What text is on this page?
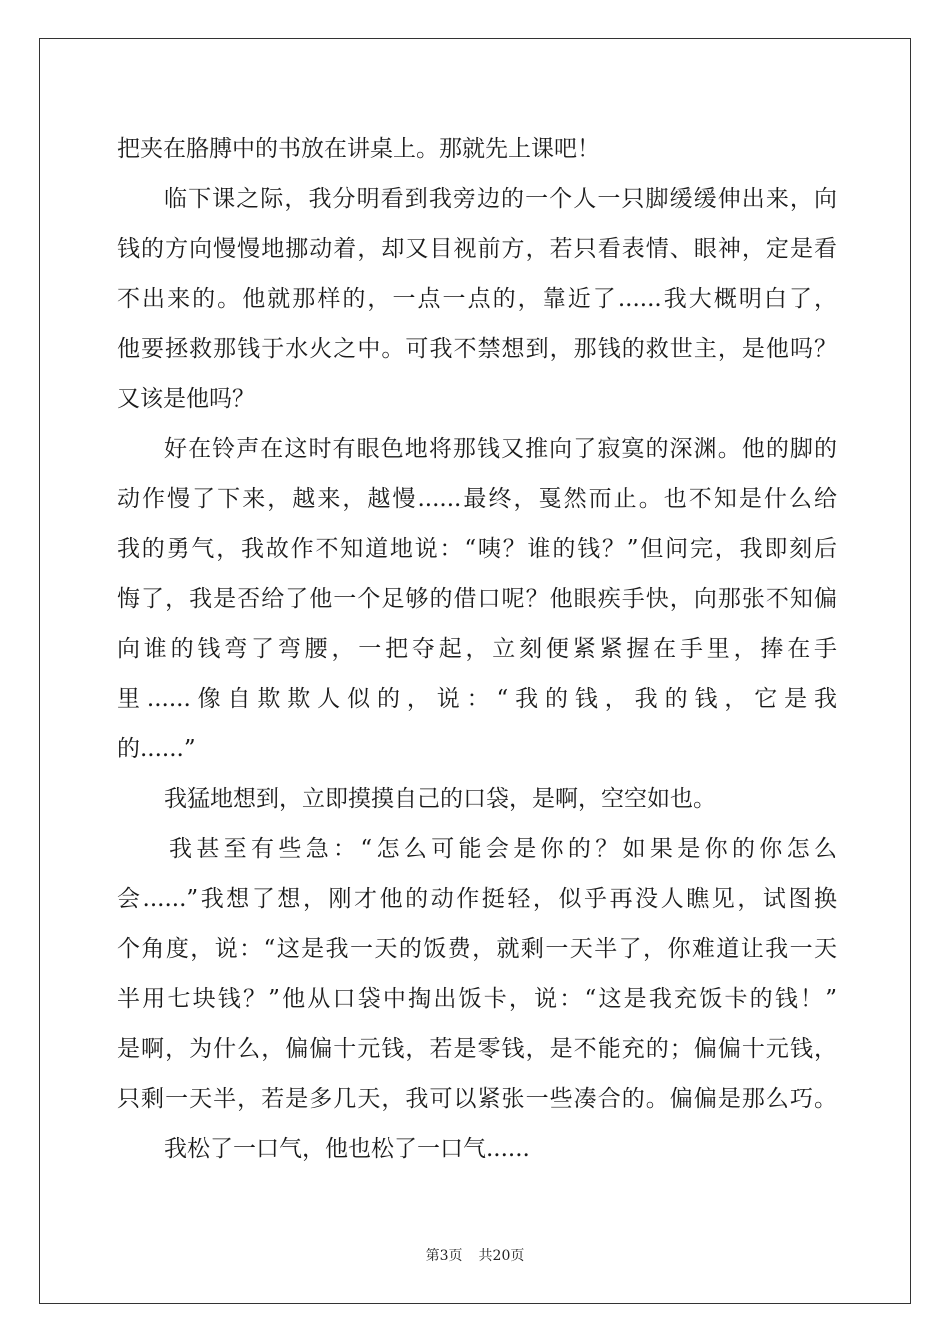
把夹在胳膊中的书放在讲桌上。那就先上课吧！
临下课之际，我分明看到我旁边的一个人一只脚缓缓伸出来，向
钱的方向慢慢地挪动着，却又目视前方，若只看表情、眼神，定是看
不出来的。他就那样的，一点一点的，靠近了......我大概明白了，
他要拯救那钱于水火之中。可我不禁想到，那钱的救世主，是他吗？
又该是他吗？
好在铃声在这时有眼色地将那钱又推向了寂寞的深渊。他的脚的
动作慢了下来，越来，越慢......最终，戛然而止。也不知是什么给
我的勇气，我故作不知道地说：“咦？谁的钱？”但问完，我即刻后
悔了，我是否给了他一个足够的借口呢？他眼疾手快，向那张不知偏
向谁的钱弯了弯腰，一把夺起，立刻便紧紧握在手里，捧在手
里......像自欺欺人似的，说：“我的钱，我的钱，它是我
的......”
我猛地想到，立即摸摸自己的口袋，是啊，空空如也。
我甚至有些急：“怎么可能会是你的？如果是你的你怎么
会......”我想了想，刚才他的动作挺轻，似乎再没人瞧见，试图换
个角度，说：“这是我一天的饭费，就剩一天半了，你难道让我一天
半用七块钱？”他从口袋中掏出饭卡，说：“这是我充饭卡的钱！”
是啊，为什么，偏偏十元钱，若是零钱，是不能充的；偏偏十元钱，
只剩一天半，若是多几天，我可以紧张一些凑合的。偏偏是那么巧。
我松了一口气，他也松了一口气......
第3页 共20页
